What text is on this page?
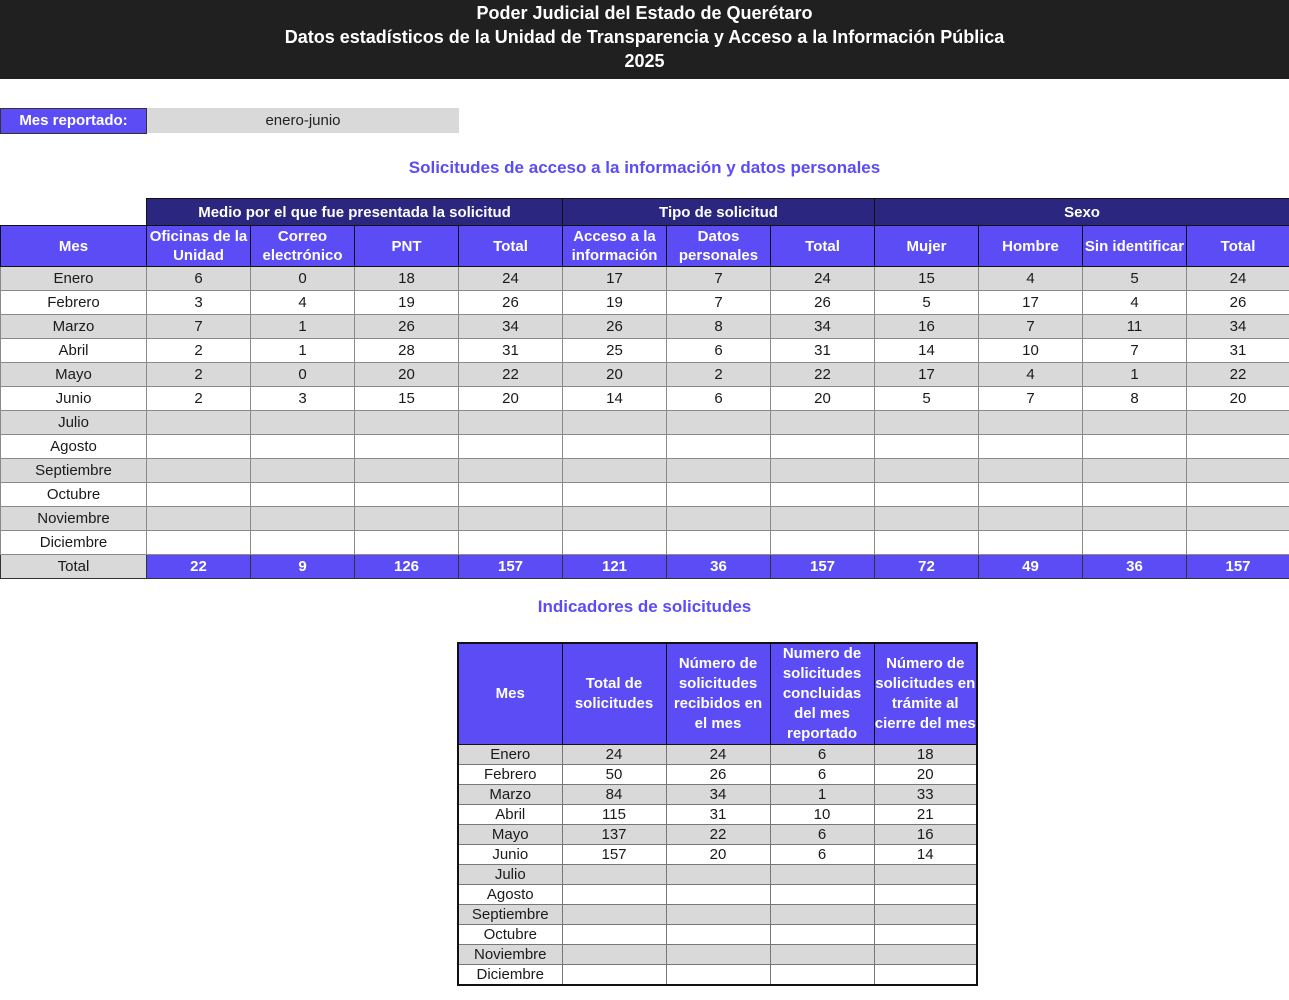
Poder Judicial del Estado de Querétaro
Datos estadísticos de la Unidad de Transparencia y Acceso a la Información Pública
2025
Mes reportado:	enero-junio
Solicitudes de acceso a la información y datos personales
	Medio por el que fue presentada la solicitud				Tipo de solicitud			Sexo			
Mes	Oficinas de la Unidad	Correo electrónico	PNT	Total	Acceso a la información	Datos personales	Total	Mujer	Hombre	Sin identificar	Total
Enero	6	0	18	24	17	7	24	15	4	5	24
Febrero	3	4	19	26	19	7	26	5	17	4	26
Marzo	7	1	26	34	26	8	34	16	7	11	34
Abril	2	1	28	31	25	6	31	14	10	7	31
Mayo	2	0	20	22	20	2	22	17	4	1	22
Junio	2	3	15	20	14	6	20	5	7	8	20
Julio											
Agosto											
Septiembre											
Octubre											
Noviembre											
Diciembre											
Total	22	9	126	157	121	36	157	72	49	36	157
Indicadores de solicitudes
Mes	Total de solicitudes	Número de solicitudes recibidos en el mes	Numero de solicitudes concluidas del mes reportado	Número de solicitudes en trámite al cierre del mes
Enero	24	24	6	18
Febrero	50	26	6	20
Marzo	84	34	1	33
Abril	115	31	10	21
Mayo	137	22	6	16
Junio	157	20	6	14
Julio				
Agosto				
Septiembre				
Octubre				
Noviembre				
Diciembre				
